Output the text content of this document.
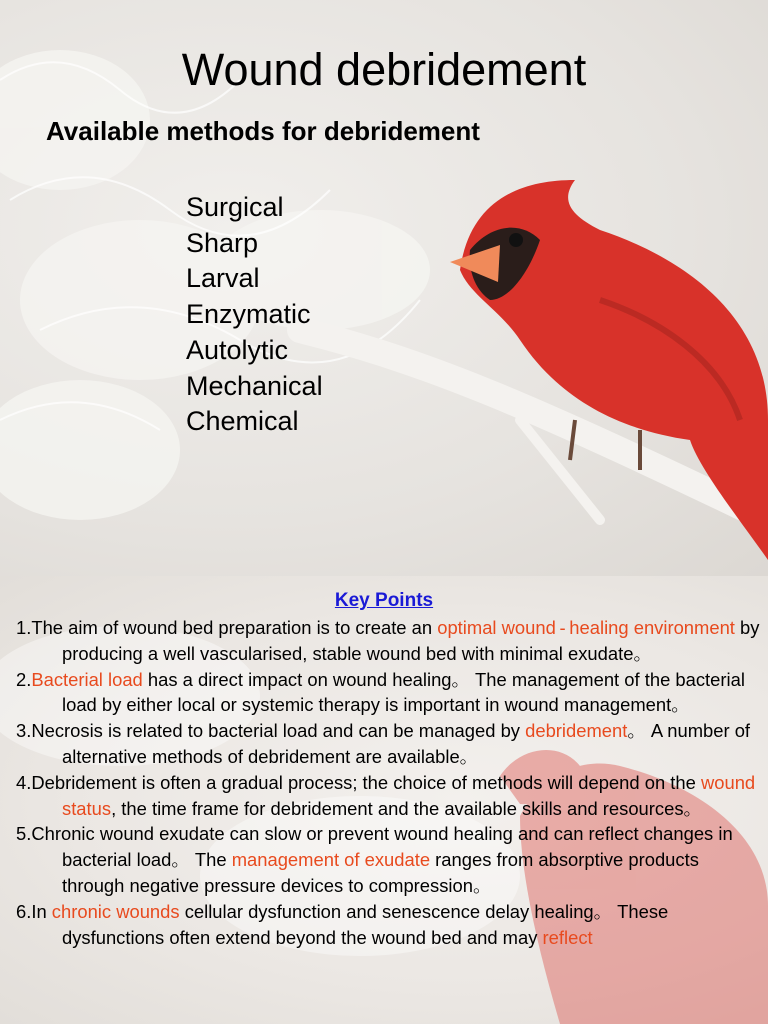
Wound debridement
Available methods for debridement
Surgical
Sharp
Larval
Enzymatic
Autolytic
Mechanical
Chemical
Key Points
1.The aim of wound bed preparation is to create an optimal wound - healing environment by producing a well vascularised, stable wound bed with minimal exudate。
2.Bacterial load has a direct impact on wound healing。 The management of the bacterial load by either local or systemic therapy is important in wound management。
3.Necrosis is related to bacterial load and can be managed by debridement。 A number of alternative methods of debridement are available。
4.Debridement is often a gradual process; the choice of methods will depend on the wound status, the time frame for debridement and the available skills and resources。
5.Chronic wound exudate can slow or prevent wound healing and can reflect changes in bacterial load。 The management of exudate ranges from absorptive products through negative pressure devices to compression。
6.In chronic wounds cellular dysfunction and senescence delay healing。 These dysfunctions often extend beyond the wound bed and may reflect
